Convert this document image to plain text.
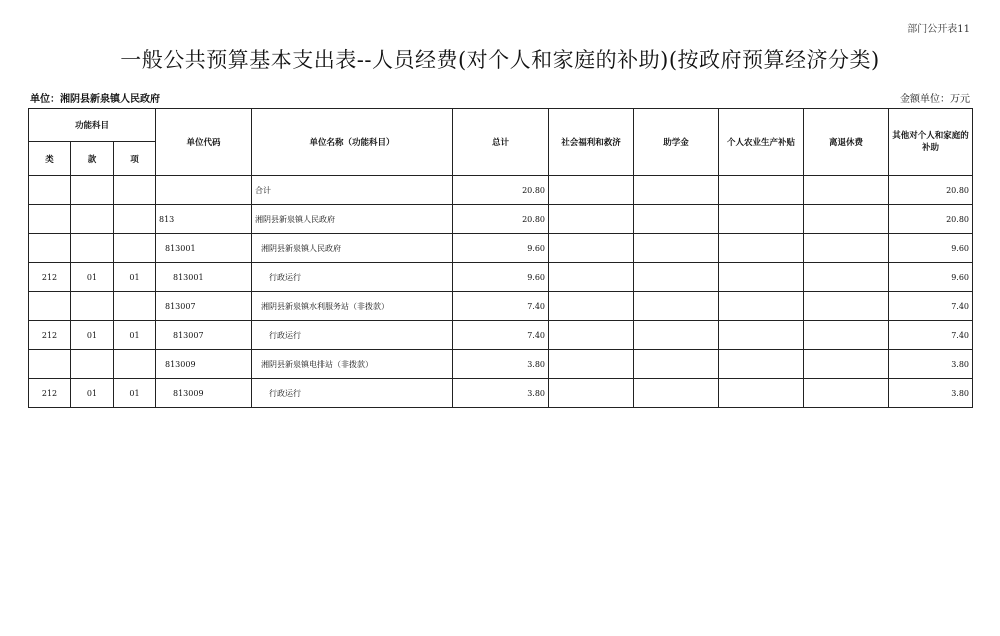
部门公开表11
一般公共预算基本支出表--人员经费(对个人和家庭的补助)(按政府预算经济分类)
单位：湘阴县新泉镇人民政府	金额单位：万元
功能科目			单位代码	单位名称（功能科目）	总计	社会福利和救济	助学金	个人农业生产补贴	离退休费	其他对个人和家庭的补助
类	款	项								
				合计	20.80					20.80
			813	湘阴县新泉镇人民政府	20.80					20.80
			813001	湘阴县新泉镇人民政府	9.60					9.60
212	01	01	813001	行政运行	9.60					9.60
			813007	湘阴县新泉镇水利服务站（非拨款）	7.40					7.40
212	01	01	813007	行政运行	7.40					7.40
			813009	湘阴县新泉镇电排站（非拨款）	3.80					3.80
212	01	01	813009	行政运行	3.80					3.80
